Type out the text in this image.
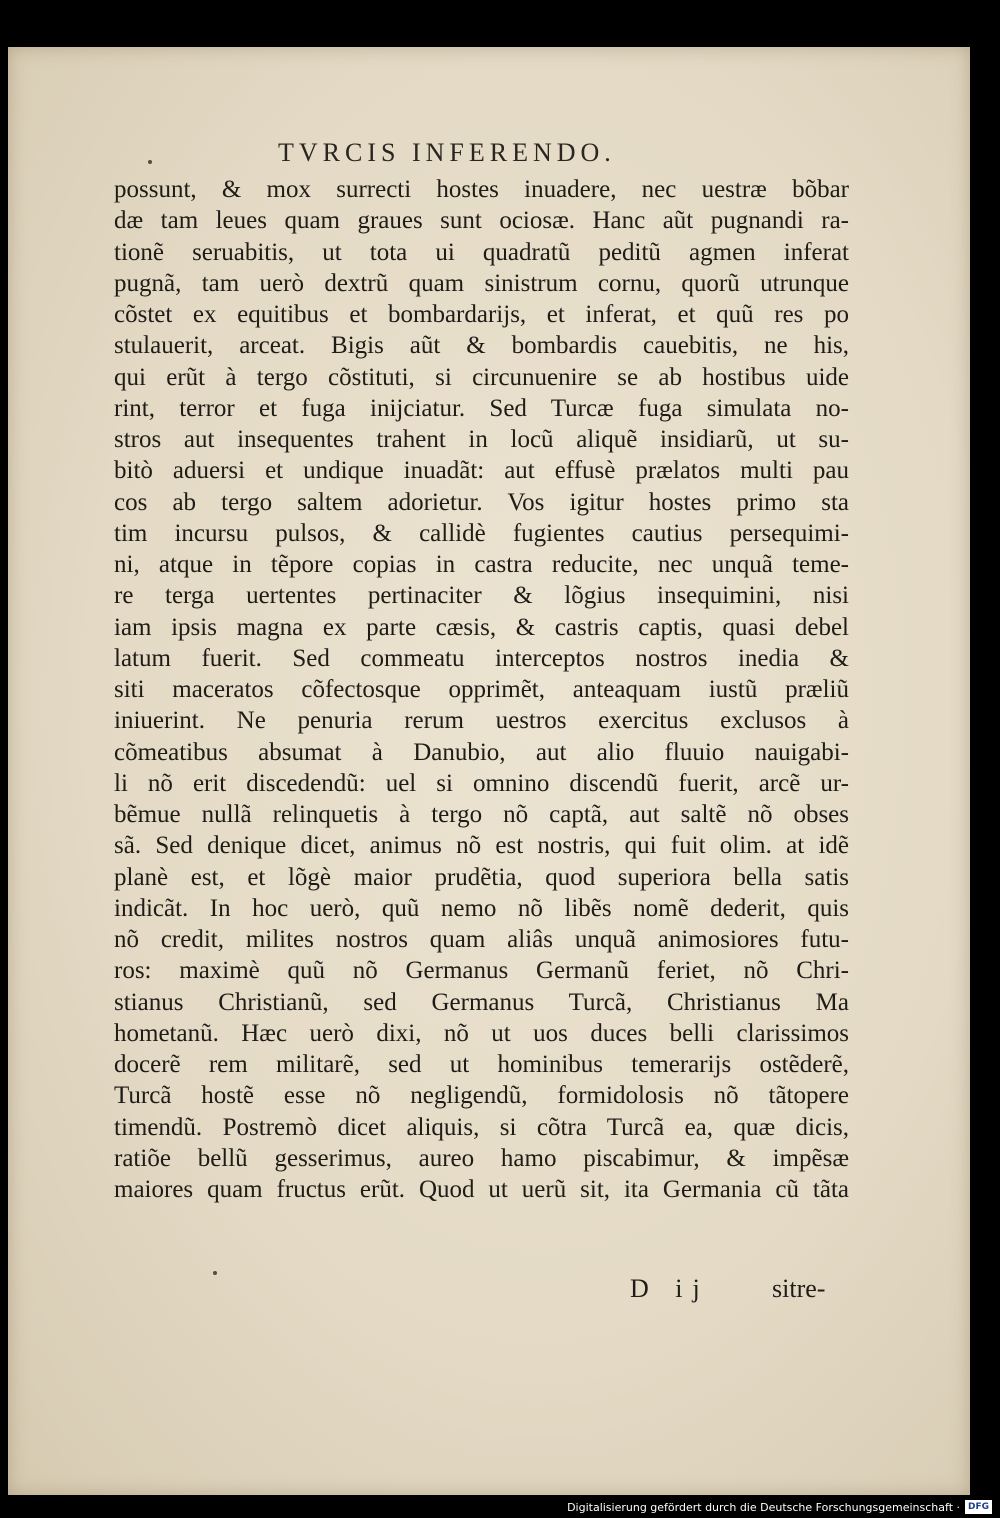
TVRCIS INFERENDO.
possunt, & mox surrecti hostes inuadere, nec uestræ bõbar
dæ tam leues quam graues sunt ociosæ. Hanc aũt pugnandi ra-
tionẽ seruabitis, ut tota ui quadratũ peditũ agmen inferat
pugnã, tam uerò dextrũ quam sinistrum cornu, quorũ utrunque
cõstet ex equitibus et bombardarijs, et inferat, et quũ res po
stulauerit, arceat. Bigis aũt & bombardis cauebitis, ne his,
qui erũt à tergo cõstituti, si circunuenire se ab hostibus uide
rint, terror et fuga inijciatur. Sed Turcæ fuga simulata no-
stros aut insequentes trahent in locũ aliquẽ insidiarũ, ut su-
bitò aduersi et undique inuadãt: aut effusè prælatos multi pau
cos ab tergo saltem adorietur. Vos igitur hostes primo sta
tim incursu pulsos, & callidè fugientes cautius persequimi-
ni, atque in tẽpore copias in castra reducite, nec unquã teme-
re terga uertentes pertinaciter & lõgius insequimini, nisi
iam ipsis magna ex parte cæsis, & castris captis, quasi debel
latum fuerit. Sed commeatu interceptos nostros inedia &
siti maceratos cõfectosque opprimẽt, anteaquam iustũ præliũ
iniuerint. Ne penuria rerum uestros exercitus exclusos à
cõmeatibus absumat à Danubio, aut alio fluuio nauigabi-
li nõ erit discedendũ: uel si omnino discendũ fuerit, arcẽ ur-
bẽmue nullã relinquetis à tergo nõ captã, aut saltẽ nõ obses
sã. Sed denique dicet, animus nõ est nostris, qui fuit olim. at idẽ
planè est, et lõgè maior prudẽtia, quod superiora bella satis
indicãt. In hoc uerò, quũ nemo nõ libẽs nomẽ dederit, quis
nõ credit, milites nostros quam aliâs unquã animosiores futu-
ros: maximè quũ nõ Germanus Germanũ feriet, nõ Chri-
stianus Christianũ, sed Germanus Turcã, Christianus Ma
hometanũ. Hæc uerò dixi, nõ ut uos duces belli clarissimos
docerẽ rem militarẽ, sed ut hominibus temerarijs ostẽderẽ,
Turcã hostẽ esse nõ negligendũ, formidolosis nõ tãtopere
timendũ. Postremò dicet aliquis, si cõtra Turcã ea, quæ dicis,
ratiõe bellũ gesserimus, aureo hamo piscabimur, & impẽsæ
maiores quam fructus erũt. Quod ut uerũ sit, ita Germania cũ tãta
D ij sitre-
Digitalisierung gefördert durch die Deutsche Forschungsgemeinschaft · DFG
